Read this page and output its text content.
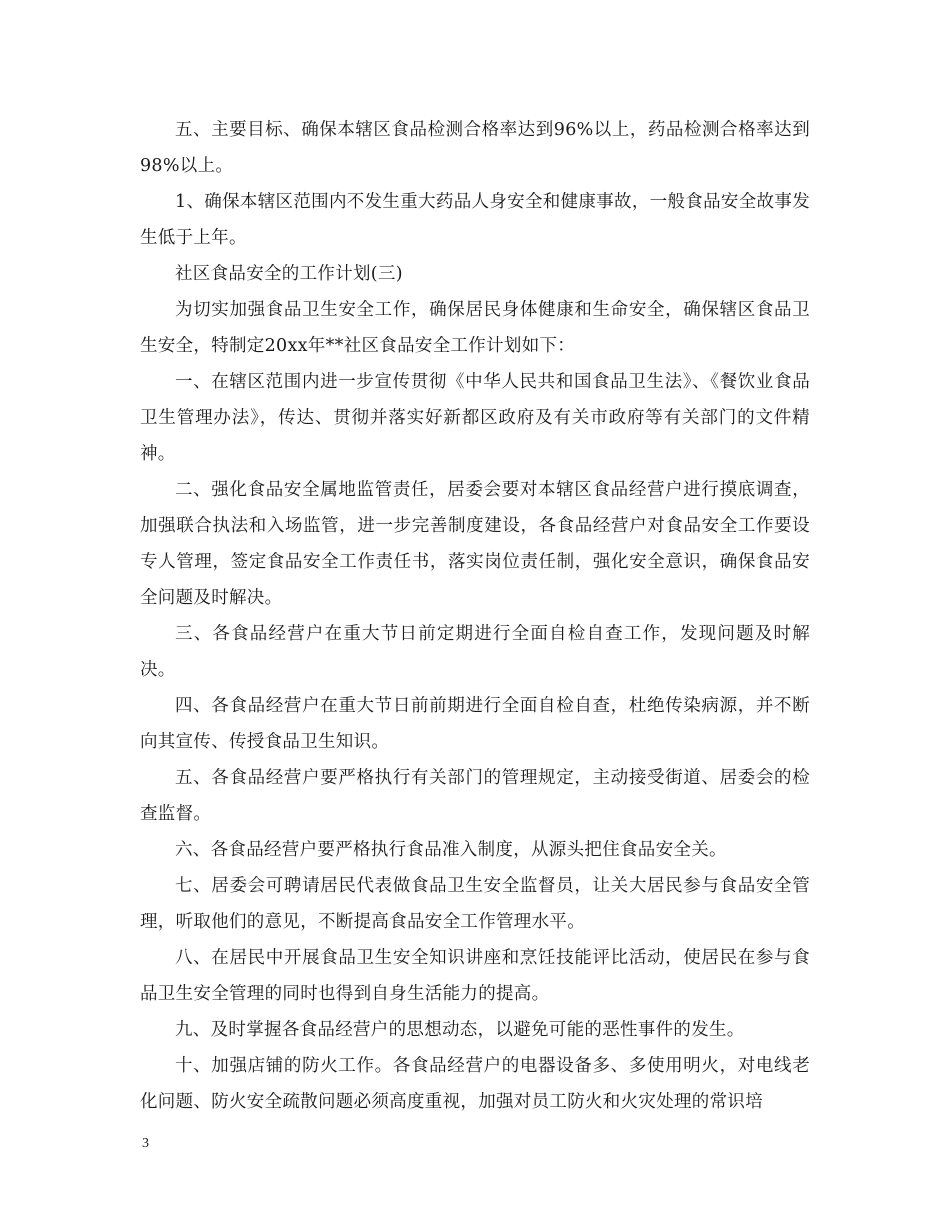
五、主要目标、确保本辖区食品检测合格率达到96%以上，药品检测合格率达到98%以上。

1、确保本辖区范围内不发生重大药品人身安全和健康事故，一般食品安全故事发生低于上年。

社区食品安全的工作计划(三)

为切实加强食品卫生安全工作，确保居民身体健康和生命安全，确保辖区食品卫生安全，特制定20xx年**社区食品安全工作计划如下：

一、在辖区范围内进一步宣传贯彻《中华人民共和国食品卫生法》、《餐饮业食品卫生管理办法》，传达、贯彻并落实好新都区政府及有关市政府等有关部门的文件精神。

二、强化食品安全属地监管责任，居委会要对本辖区食品经营户进行摸底调查，加强联合执法和入场监管，进一步完善制度建设，各食品经营户对食品安全工作要设专人管理，签定食品安全工作责任书，落实岗位责任制，强化安全意识，确保食品安全问题及时解决。

三、各食品经营户在重大节日前定期进行全面自检自查工作，发现问题及时解决。

四、各食品经营户在重大节日前前期进行全面自检自查，杜绝传染病源，并不断向其宣传、传授食品卫生知识。

五、各食品经营户要严格执行有关部门的管理规定，主动接受街道、居委会的检查监督。

六、各食品经营户要严格执行食品准入制度，从源头把住食品安全关。

七、居委会可聘请居民代表做食品卫生安全监督员，让关大居民参与食品安全管理，听取他们的意见，不断提高食品安全工作管理水平。

八、在居民中开展食品卫生安全知识讲座和烹饪技能评比活动，使居民在参与食品卫生安全管理的同时也得到自身生活能力的提高。

九、及时掌握各食品经营户的思想动态，以避免可能的恶性事件的发生。

十、加强店铺的防火工作。各食品经营户的电器设备多、多使用明火，对电线老化问题、防火安全疏散问题必须高度重视，加强对员工防火和火灾处理的常识培

3
